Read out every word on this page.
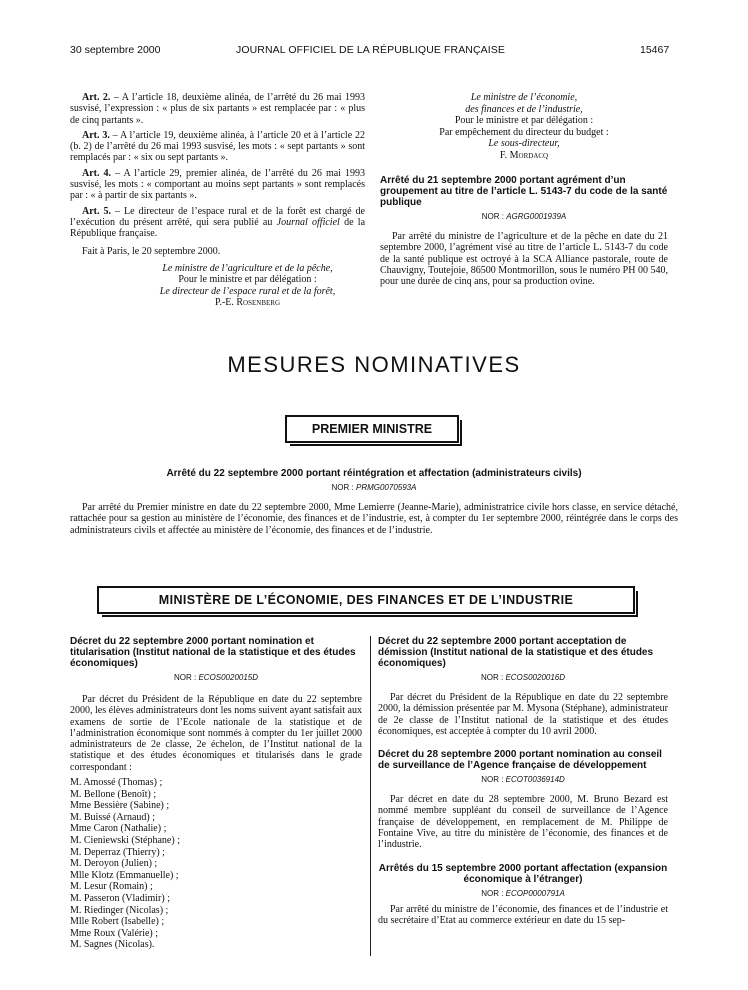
30 septembre 2000	JOURNAL OFFICIEL DE LA RÉPUBLIQUE FRANÇAISE	15467

Art. 2. – A l’article 18, deuxième alinéa, de l’arrêté du 26 mai 1993 susvisé, l’expression : « plus de six partants » est remplacée par : « plus de cinq partants ».

Art. 3. – A l’article 19, deuxième alinéa, à l’article 20 et à l’article 22 (b. 2) de l’arrêté du 26 mai 1993 susvisé, les mots : « sept partants » sont remplacés par : « six ou sept partants ».

Art. 4. – A l’article 29, premier alinéa, de l’arrêté du 26 mai 1993 susvisé, les mots : « comportant au moins sept partants » sont remplacés par : « à partir de six partants ».

Art. 5. – Le directeur de l’espace rural et de la forêt est chargé de l’exécution du présent arrêté, qui sera publié au Journal officiel de la République française.

Fait à Paris, le 20 septembre 2000.

Le ministre de l’agriculture et de la pêche,
Pour le ministre et par délégation :
Le directeur de l’espace rural et de la forêt,
P.-E. Rosenberg
Le ministre de l’économie,
des finances et de l’industrie,
Pour le ministre et par délégation :
Par empêchement du directeur du budget :
Le sous-directeur,
F. Mordacq
Arrêté du 21 septembre 2000 portant agrément d’un groupement au titre de l’article L. 5143-7 du code de la santé publique
NOR : AGRG0001939A

Par arrêté du ministre de l’agriculture et de la pêche en date du 21 septembre 2000, l’agrément visé au titre de l’article L. 5143-7 du code de la santé publique est octroyé à la SCA Alliance pastorale, route de Chauvigny, Toutejoie, 86500 Montmorillon, sous le numéro PH 00 540, pour une durée de cinq ans, pour sa production ovine.

MESURES NOMINATIVES
PREMIER MINISTRE
Arrêté du 22 septembre 2000 portant réintégration et affectation (administrateurs civils)
NOR : PRMG0070593A

Par arrêté du Premier ministre en date du 22 septembre 2000, Mme Lemierre (Jeanne-Marie), administratrice civile hors classe, en service détaché, rattachée pour sa gestion au ministère de l’économie, des finances et de l’industrie, est, à compter du 1er septembre 2000, réintégrée dans le corps des administrateurs civils et affectée au ministère de l’économie, des finances et de l’industrie.

MINISTÈRE DE L’ÉCONOMIE, DES FINANCES ET DE L’INDUSTRIE
Décret du 22 septembre 2000 portant nomination et titularisation (Institut national de la statistique et des études économiques)
NOR : ECOS0020015D

Par décret du Président de la République en date du 22 septembre 2000, les élèves administrateurs dont les noms suivent ayant satisfait aux examens de sortie de l’Ecole nationale de la statistique et de l’administration économique sont nommés à compter du 1er juillet 2000 administrateurs de 2e classe, 2e échelon, de l’Institut national de la statistique et des études économiques et titularisés dans le grade correspondant :

M. Amossé (Thomas) ;
M. Bellone (Benoît) ;
Mme Bessière (Sabine) ;
M. Buissé (Arnaud) ;
Mme Caron (Nathalie) ;
M. Cieniewski (Stéphane) ;
M. Deperraz (Thierry) ;
M. Deroyon (Julien) ;
Mlle Klotz (Emmanuelle) ;
M. Lesur (Romain) ;
M. Passeron (Vladimir) ;
M. Riedinger (Nicolas) ;
Mlle Robert (Isabelle) ;
Mme Roux (Valérie) ;
M. Sagnes (Nicolas).
Décret du 22 septembre 2000 portant acceptation de démission (Institut national de la statistique et des études économiques)
NOR : ECOS0020016D

Par décret du Président de la République en date du 22 septembre 2000, la démission présentée par M. Mysona (Stéphane), administrateur de 2e classe de l’Institut national de la statistique et des études économiques, est acceptée à compter du 10 avril 2000.

Décret du 28 septembre 2000 portant nomination au conseil de surveillance de l’Agence française de développement
NOR : ECOT0036914D

Par décret en date du 28 septembre 2000, M. Bruno Bezard est nommé membre suppléant du conseil de surveillance de l’Agence française de développement, en remplacement de M. Philippe de Fontaine Vive, au titre du ministère de l’économie, des finances et de l’industrie.

Arrêtés du 15 septembre 2000 portant affectation (expansion économique à l’étranger)
NOR : ECOP0000791A

Par arrêté du ministre de l’économie, des finances et de l’industrie et du secrétaire d’Etat au commerce extérieur en date du 15 sep-
